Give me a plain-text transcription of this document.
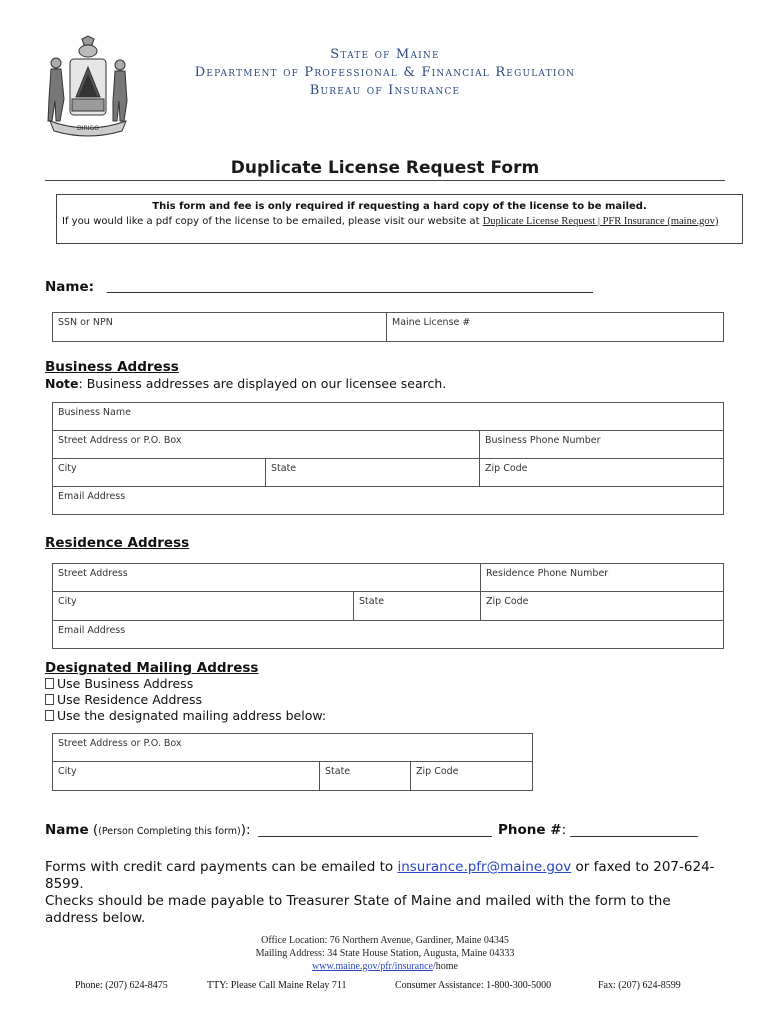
DIRIGO
State of Maine
Department of Professional & Financial Regulation
Bureau of Insurance
Duplicate License Request Form
This form and fee is only required if requesting a hard copy of the license to be mailed.
If you would like a pdf copy of the license to be emailed, please visit our website at Duplicate License Request | PFR Insurance (maine.gov)
Name:
SSN or NPN	Maine License #
Business Address
Note: Business addresses are displayed on our licensee search.
Business Name		
Street Address or P.O. Box		Business Phone Number
City	State	Zip Code
Email Address		
Residence Address
Street Address		Residence Phone Number
City	State	Zip Code
Email Address		
Designated Mailing Address
Use Business Address
Use Residence Address
Use the designated mailing address below:
Street Address or P.O. Box
City	State	Zip Code
Name ((Person Completing this form)):	Phone #:
Forms with credit card payments can be emailed to insurance.pfr@maine.gov or faxed to 207-624-8599.
Checks should be made payable to Treasurer State of Maine and mailed with the form to the address below.
Office Location: 76 Northern Avenue, Gardiner, Maine 04345
Mailing Address: 34 State House Station, Augusta, Maine 04333
www.maine.gov/pfr/insurance/home
Phone: (207) 624-8475	TTY: Please Call Maine Relay 711	Consumer Assistance: 1-800-300-5000	Fax: (207) 624-8599
